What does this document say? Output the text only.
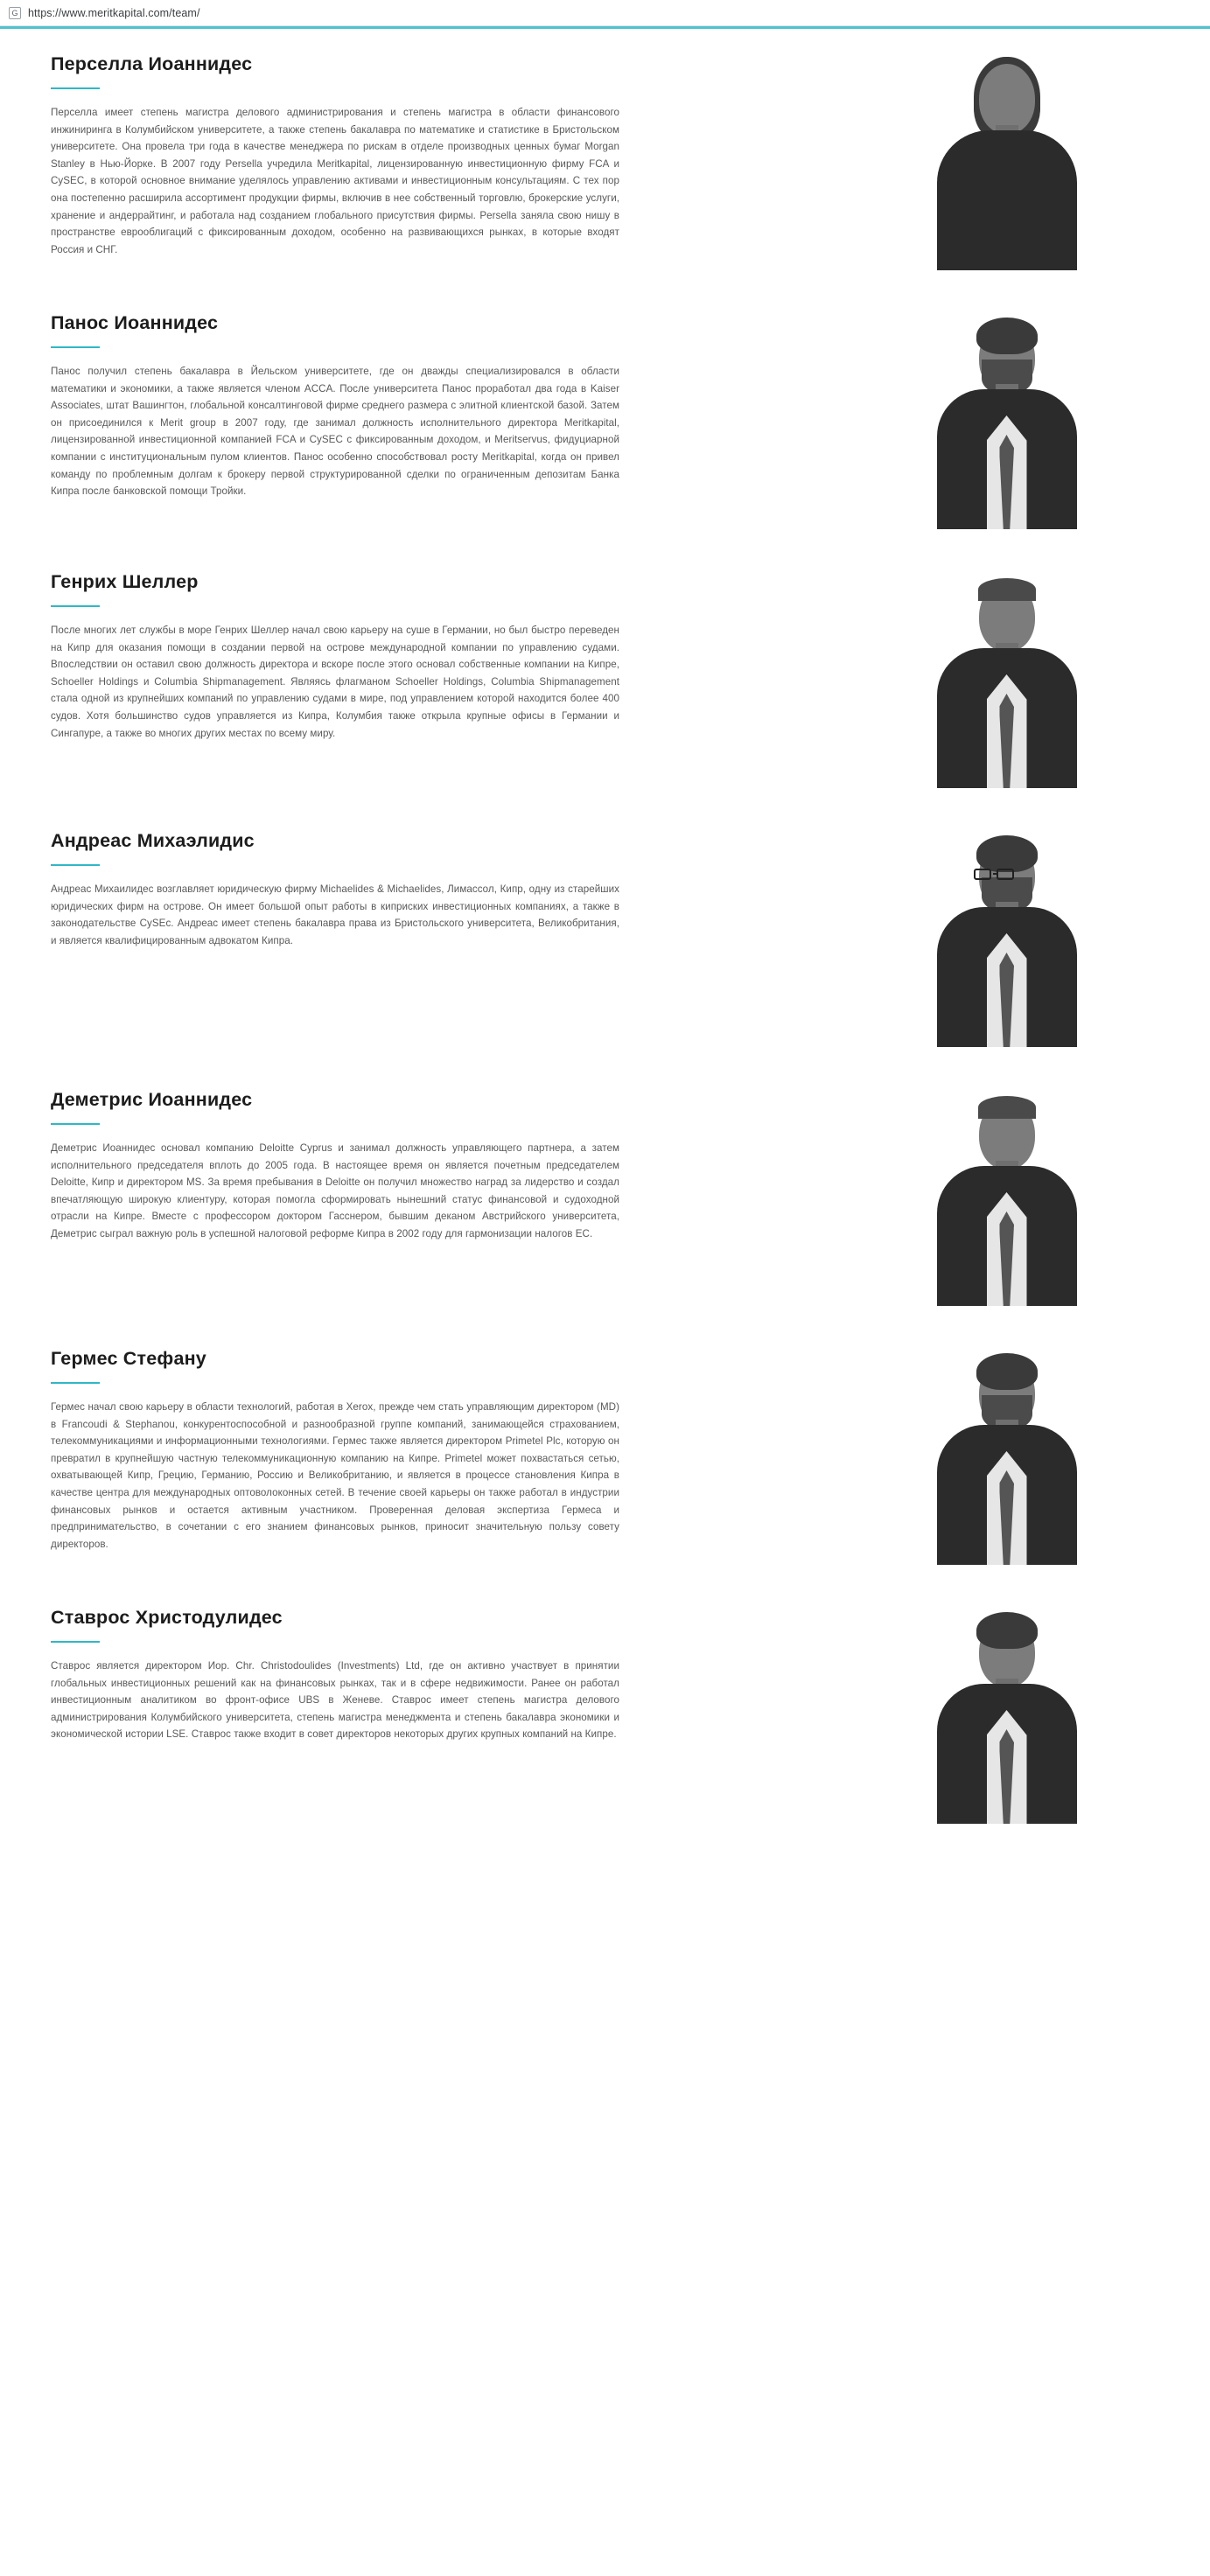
G https://www.meritkapital.com/team/
Перселла Иоаннидес

Перселла имеет степень магистра делового администрирования и степень магистра в области финансового инжиниринга в Колумбийском университете, а также степень бакалавра по математике и статистике в Бристольском университете. Она провела три года в качестве менеджера по рискам в отделе производных ценных бумаг Morgan Stanley в Нью-Йорке. В 2007 году Persella учредила Meritkapital, лицензированную инвестиционную фирму FCA и CySEC, в которой основное внимание уделялось управлению активами и инвестиционным консультациям. С тех пор она постепенно расширила ассортимент продукции фирмы, включив в нее собственный торговлю, брокерские услуги, хранение и андеррайтинг, и работала над созданием глобального присутствия фирмы. Persella заняла свою нишу в пространстве еврооблигаций с фиксированным доходом, особенно на развивающихся рынках, в которые входят Россия и СНГ.

Панос Иоаннидес

Панос получил степень бакалавра в Йельском университете, где он дважды специализировался в области математики и экономики, а также является членом ACCA. После университета Панос проработал два года в Kaiser Associates, штат Вашингтон, глобальной консалтинговой фирме среднего размера с элитной клиентской базой. Затем он присоединился к Merit group в 2007 году, где занимал должность исполнительного директора Meritkapital, лицензированной инвестиционной компанией FCA и CySEC с фиксированным доходом, и Meritservus, фидуциарной компании с институциональным пулом клиентов. Панос особенно способствовал росту Meritkapital, когда он привел команду по проблемным долгам к брокеру первой структурированной сделки по ограниченным депозитам Банка Кипра после банковской помощи Тройки.

Генрих Шеллер

После многих лет службы в море Генрих Шеллер начал свою карьеру на суше в Германии, но был быстро переведен на Кипр для оказания помощи в создании первой на острове международной компании по управлению судами. Впоследствии он оставил свою должность директора и вскоре после этого основал собственные компании на Кипре, Schoeller Holdings и Columbia Shipmanagement. Являясь флагманом Schoeller Holdings, Columbia Shipmanagement стала одной из крупнейших компаний по управлению судами в мире, под управлением которой находится более 400 судов. Хотя большинство судов управляется из Кипра, Колумбия также открыла крупные офисы в Германии и Сингапуре, а также во многих других местах по всему миру.

Андреас Михаэлидис

Андреас Михаилидес возглавляет юридическую фирму Michaelides & Michaelides, Лимассол, Кипр, одну из старейших юридических фирм на острове. Он имеет большой опыт работы в киприских инвестиционных компаниях, а также в законодательстве CySEc. Андреас имеет степень бакалавра права из Бристольского университета, Великобритания, и является квалифицированным адвокатом Кипра.

Деметрис Иоаннидес

Деметрис Иоаннидес основал компанию Deloitte Cyprus и занимал должность управляющего партнера, а затем исполнительного председателя вплоть до 2005 года. В настоящее время он является почетным председателем Deloitte, Кипр и директором MS. За время пребывания в Deloitte он получил множество наград за лидерство и создал впечатляющую широкую клиентуру, которая помогла сформировать нынешний статус финансовой и судоходной отрасли на Кипре. Вместе с профессором доктором Гасснером, бывшим деканом Австрийского университета, Деметрис сыграл важную роль в успешной налоговой реформе Кипра в 2002 году для гармонизации налогов ЕС.

Гермес Стефану

Гермес начал свою карьеру в области технологий, работая в Xerox, прежде чем стать управляющим директором (MD) в Francoudi & Stephanou, конкурентоспособной и разнообразной группе компаний, занимающейся страхованием, телекоммуникациями и информационными технологиями. Гермес также является директором Primetel Plc, которую он превратил в крупнейшую частную телекоммуникационную компанию на Кипре. Primetel может похвастаться сетью, охватывающей Кипр, Грецию, Германию, Россию и Великобританию, и является в процессе становления Кипра в качестве центра для международных оптоволоконных сетей. В течение своей карьеры он также работал в индустрии финансовых рынков и остается активным участником. Проверенная деловая экспертиза Гермеса и предпринимательство, в сочетании с его знанием финансовых рынков, приносит значительную пользу совету директоров.

Ставрос Христодулидес

Ставрос является директором Иор. Chr. Christodoulides (Investments) Ltd, где он активно участвует в принятии глобальных инвестиционных решений как на финансовых рынках, так и в сфере недвижимости. Ранее он работал инвестиционным аналитиком во фронт-офисе UBS в Женеве. Ставрос имеет степень магистра делового администрирования Колумбийского университета, степень магистра менеджмента и степень бакалавра экономики и экономической истории LSE. Ставрос также входит в совет директоров некоторых других крупных компаний на Кипре.
